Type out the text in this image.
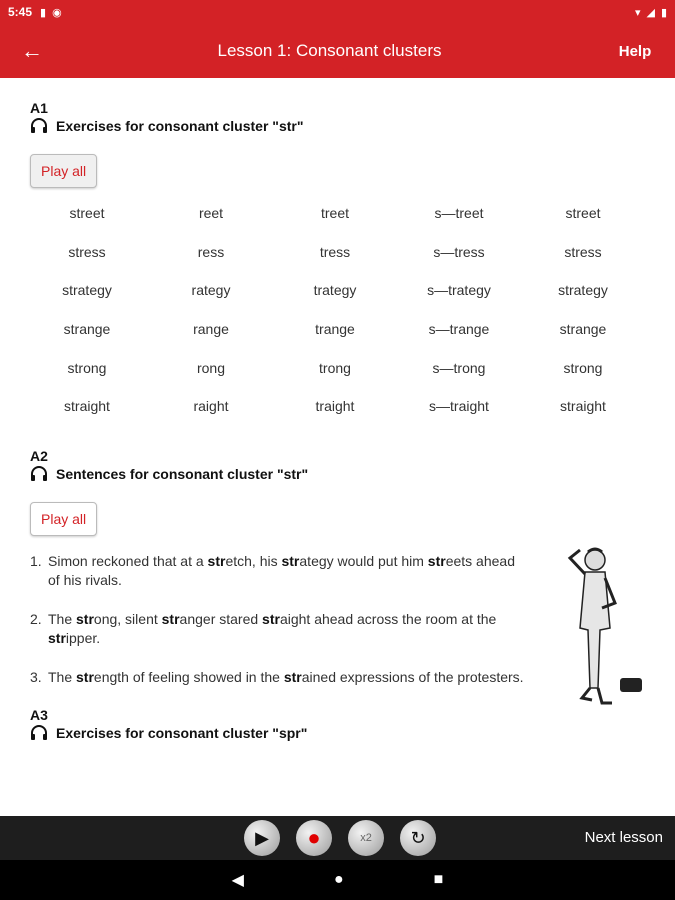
5:45 ▮ ◉	▾ ◢ ▮
←	Lesson 1: Consonant clusters	Help
A1
Exercises for consonant cluster "str"
Play all
street	reet	treet	s—treet	street
stress	ress	tress	s—tress	stress
strategy	rategy	trategy	s—trategy	strategy
strange	range	trange	s—trange	strange
strong	rong	trong	s—trong	strong
straight	raight	traight	s—traight	straight
A2
Sentences for consonant cluster "str"
Play all
1. Simon reckoned that at a stretch, his strategy would put him streets ahead of his rivals.
2. The strong, silent stranger stared straight ahead across the room at the stripper.
3. The strength of feeling showed in the strained expressions of the protesters.
A3
Exercises for consonant cluster "spr"
▶ ●	x2 ↻	Next lesson
◀	●	■
